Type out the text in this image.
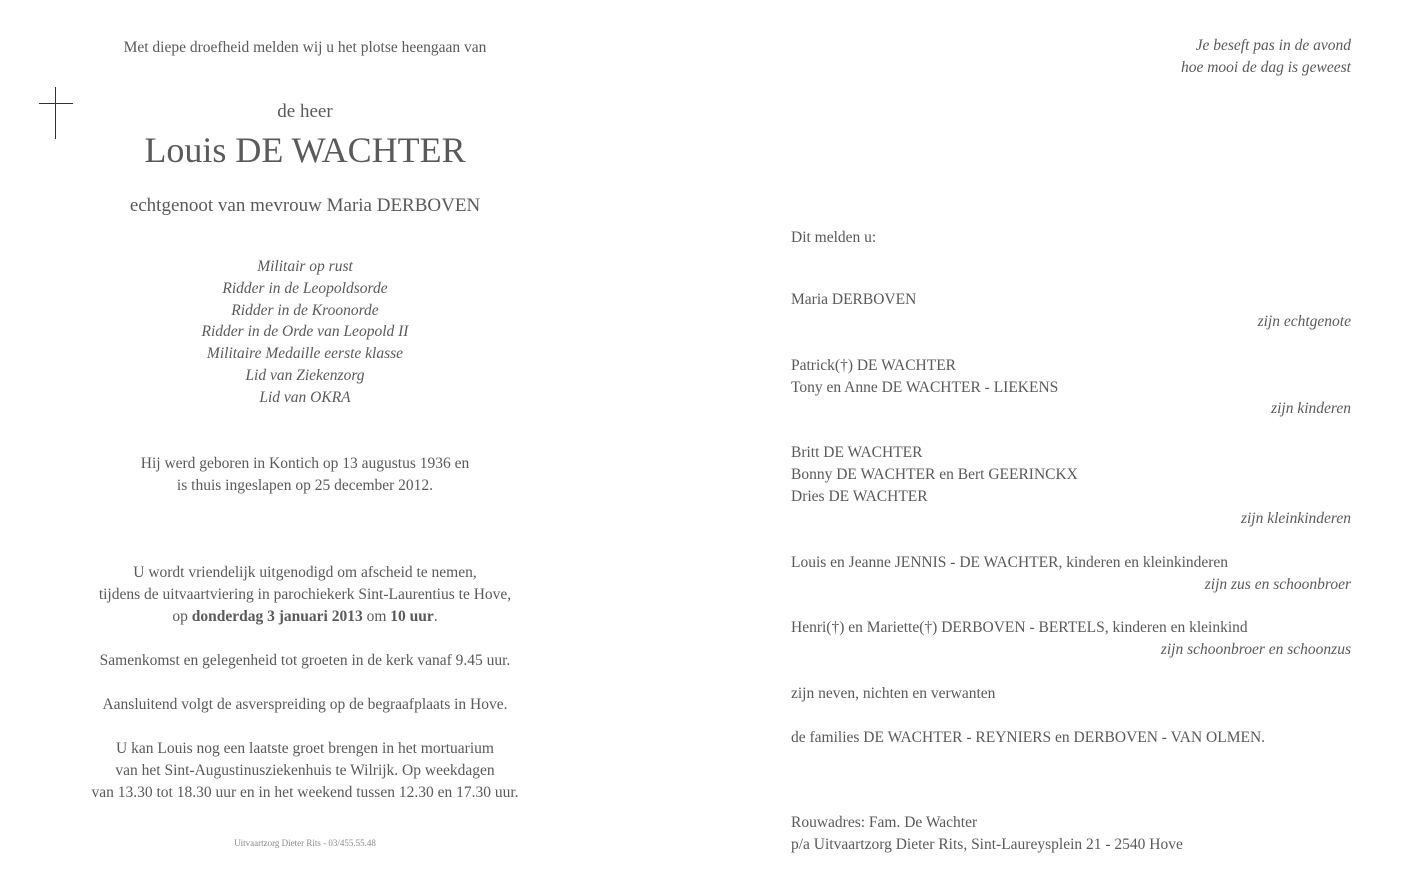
Met diepe droefheid melden wij u het plotse heengaan van
de heer
Louis DE WACHTER
echtgenoot van mevrouw Maria DERBOVEN
Militair op rust
Ridder in de Leopoldsorde
Ridder in de Kroonorde
Ridder in de Orde van Leopold II
Militaire Medaille eerste klasse
Lid van Ziekenzorg
Lid van OKRA
Hij werd geboren in Kontich op 13 augustus 1936 en
is thuis ingeslapen op 25 december 2012.
U wordt vriendelijk uitgenodigd om afscheid te nemen,
tijdens de uitvaartviering in parochiekerk Sint-Laurentius te Hove,
op donderdag 3 januari 2013 om 10 uur.
Samenkomst en gelegenheid tot groeten in de kerk vanaf 9.45 uur.
Aansluitend volgt de asverspreiding op de begraafplaats in Hove.
U kan Louis nog een laatste groet brengen in het mortuarium
van het Sint-Augustinusziekenhuis te Wilrijk. Op weekdagen
van 13.30 tot 18.30 uur en in het weekend tussen 12.30 en 17.30 uur.
Uitvaartzorg Dieter Rits - 03/455.55.48
Je beseft pas in de avond
hoe mooi de dag is geweest
Dit melden u:
Maria DERBOVEN
zijn echtgenote
Patrick(†) DE WACHTER
Tony en Anne DE WACHTER - LIEKENS
zijn kinderen
Britt DE WACHTER
Bonny DE WACHTER en Bert GEERINCKX
Dries DE WACHTER
zijn kleinkinderen
Louis en Jeanne JENNIS - DE WACHTER, kinderen en kleinkinderen
zijn zus en schoonbroer
Henri(†) en Mariette(†) DERBOVEN - BERTELS, kinderen en kleinkind
zijn schoonbroer en schoonzus
zijn neven, nichten en verwanten
de families DE WACHTER - REYNIERS en DERBOVEN - VAN OLMEN.
Rouwadres: Fam. De Wachter
p/a Uitvaartzorg Dieter Rits, Sint-Laureysplein 21 - 2540 Hove
